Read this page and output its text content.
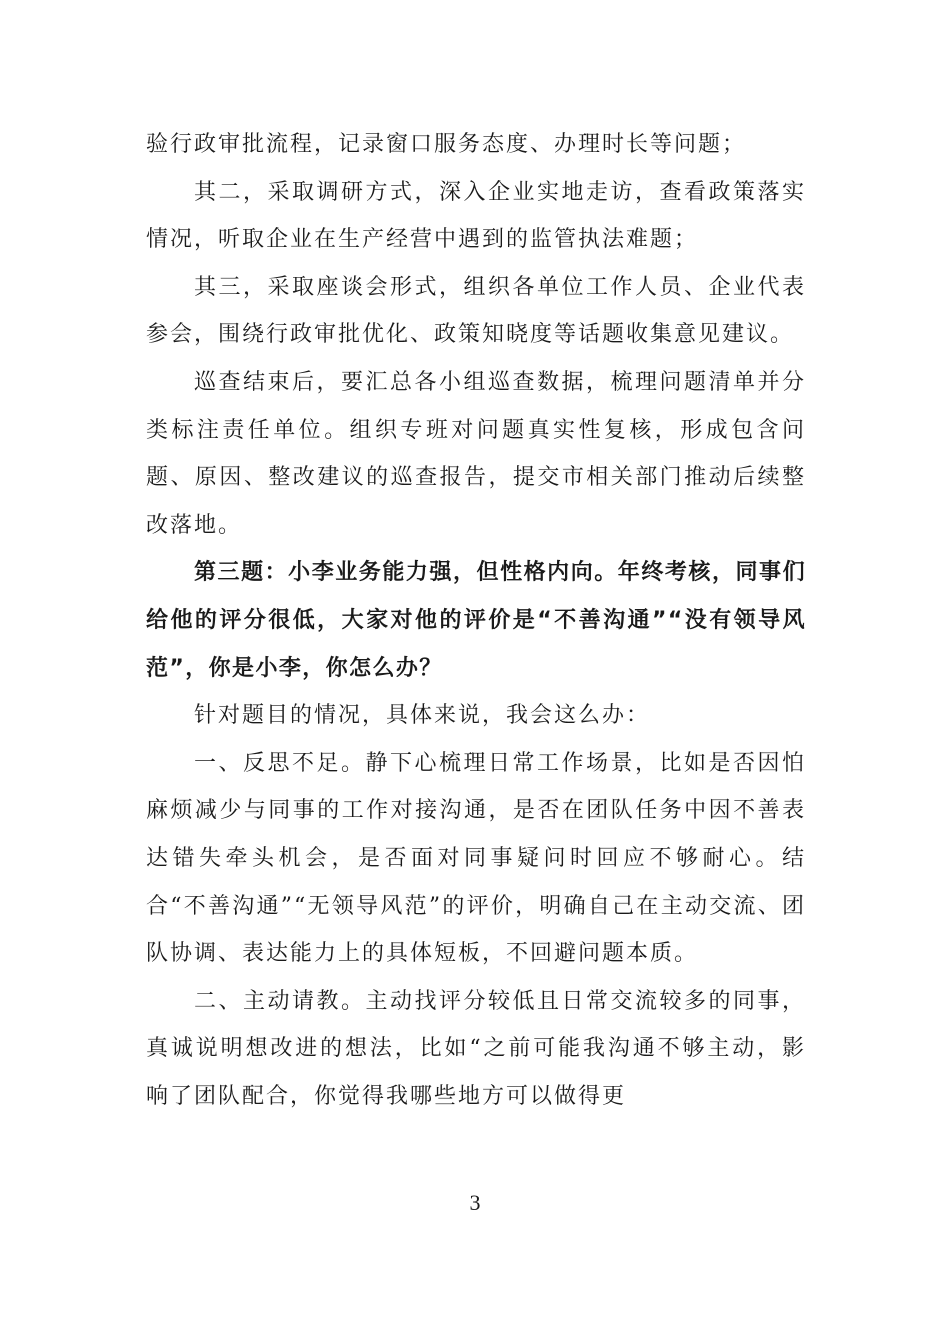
验行政审批流程，记录窗口服务态度、办理时长等问题；

其二，采取调研方式，深入企业实地走访，查看政策落实情况，听取企业在生产经营中遇到的监管执法难题；

其三，采取座谈会形式，组织各单位工作人员、企业代表参会，围绕行政审批优化、政策知晓度等话题收集意见建议。

巡查结束后，要汇总各小组巡查数据，梳理问题清单并分类标注责任单位。组织专班对问题真实性复核，形成包含问题、原因、整改建议的巡查报告，提交市相关部门推动后续整改落地。

第三题：小李业务能力强，但性格内向。年终考核，同事们给他的评分很低，大家对他的评价是“不善沟通”“没有领导风范”，你是小李，你怎么办？

针对题目的情况，具体来说，我会这么办：

一、反思不足。静下心梳理日常工作场景，比如是否因怕麻烦减少与同事的工作对接沟通，是否在团队任务中因不善表达错失牵头机会，是否面对同事疑问时回应不够耐心。结合“不善沟通”“无领导风范”的评价，明确自己在主动交流、团队协调、表达能力上的具体短板，不回避问题本质。

二、主动请教。主动找评分较低且日常交流较多的同事，真诚说明想改进的想法，比如“之前可能我沟通不够主动，影响了团队配合，你觉得我哪些地方可以做得更

3
